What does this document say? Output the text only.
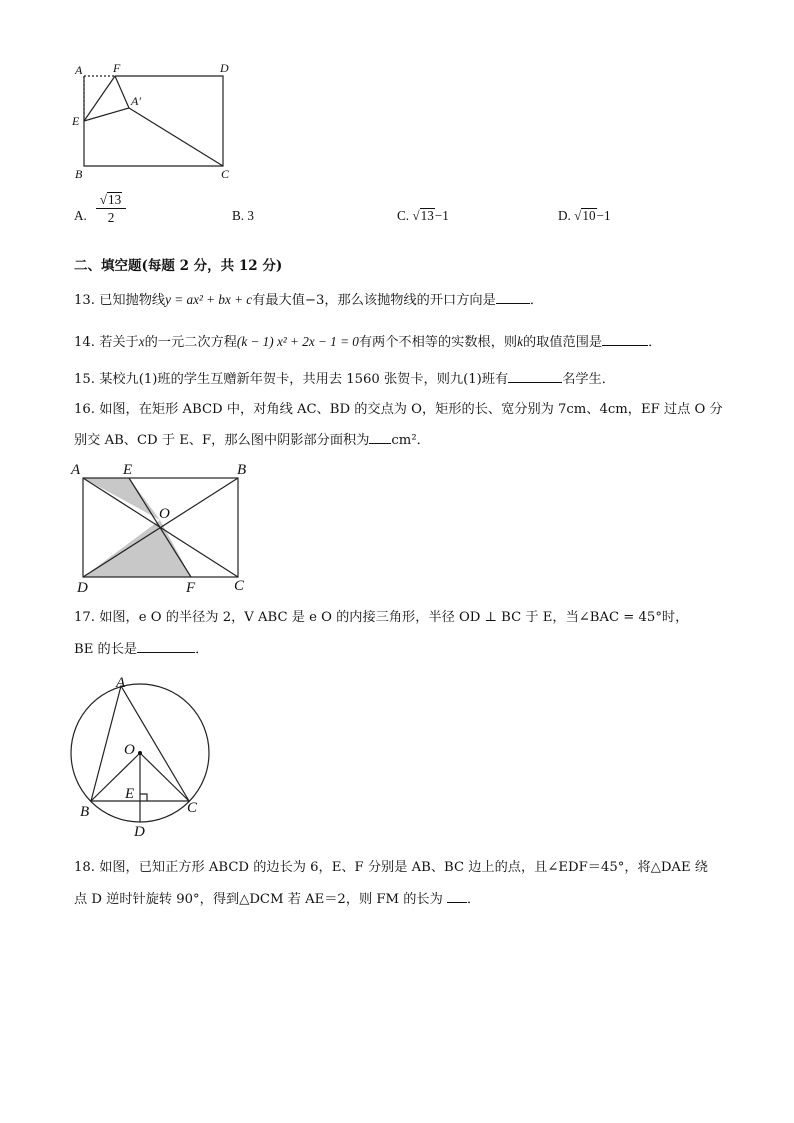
A	F	D
A′
E
B	C
A.
√13
2	B. 3	C. √13−1	D. √10−1
二、填空题(每题 2 分，共 12 分)
13. 已知抛物线y = ax² + bx + c有最大值−3，那么该抛物线的开口方向是	．
14. 若关于x的一元二次方程(k − 1) x² + 2x − 1 = 0有两个不相等的实数根，则k的取值范围是	．
15. 某校九(1)班的学生互赠新年贺卡，共用去 1560 张贺卡，则九(1)班有	名学生．
16. 如图，在矩形 ABCD 中，对角线 AC、BD 的交点为 O，矩形的长、宽分别为 7cm、4cm，EF 过点 O 分
别交 AB、CD 于 E、F，那么图中阴影部分面积为 cm²．
A	E	B
O
D	F	C
17. 如图，e O 的半径为 2，V ABC 是 e O 的内接三角形，半径 OD ⊥ BC 于 E，当∠BAC = 45°时，
BE 的长是	．
A
O
E
B	C
D
18. 如图，已知正方形 ABCD 的边长为 6，E、F 分别是 AB、BC 边上的点，且∠EDF＝45°，将△DAE 绕
点 D 逆时针旋转 90°，得到△DCM 若 AE＝2，则 FM 的长为 ．
